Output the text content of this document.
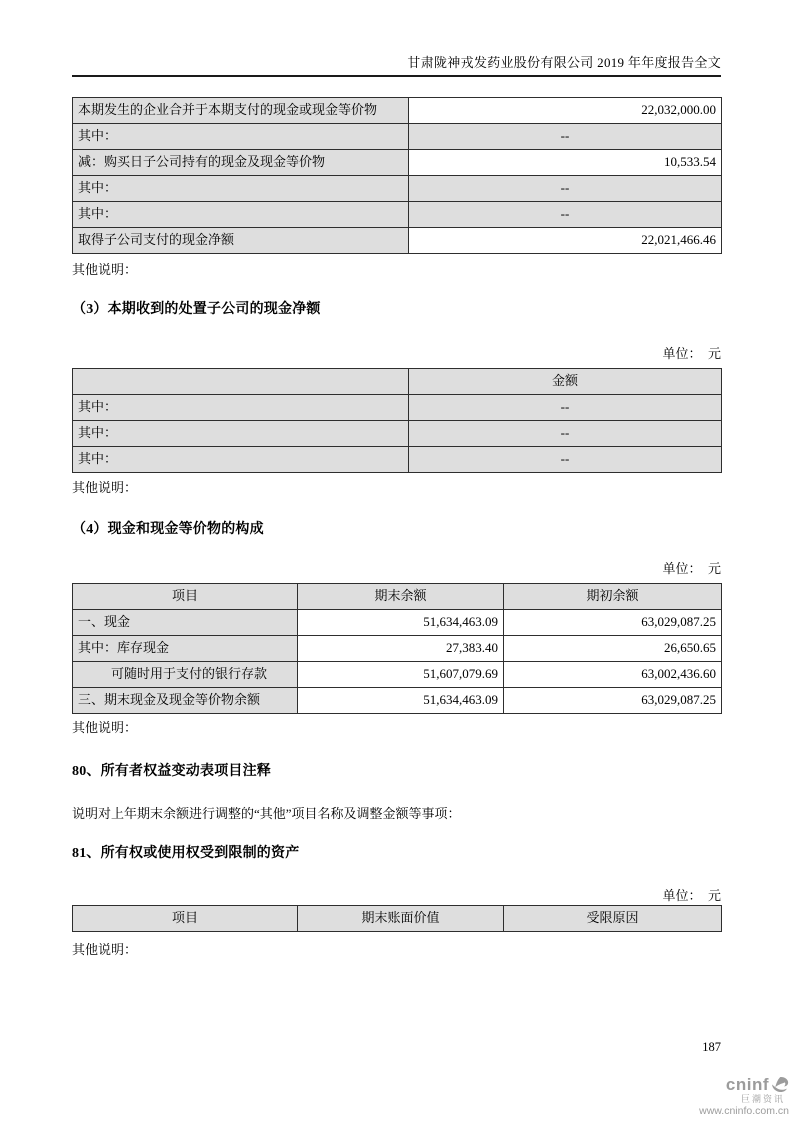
甘肃陇神戎发药业股份有限公司 2019 年年度报告全文
本期发生的企业合并于本期支付的现金或现金等价物	22,032,000.00
其中：	--
减：购买日子公司持有的现金及现金等价物	10,533.54
其中：	--
其中：	--
取得子公司支付的现金净额	22,021,466.46
其他说明：
（3）本期收到的处置子公司的现金净额
单位：  元
	金额
其中：	--
其中：	--
其中：	--
其他说明：
（4）现金和现金等价物的构成
单位：  元
项目	期末余额	期初余额
一、现金	51,634,463.09	63,029,087.25
其中：库存现金	27,383.40	26,650.65
可随时用于支付的银行存款	51,607,079.69	63,002,436.60
三、期末现金及现金等价物余额	51,634,463.09	63,029,087.25
其他说明：
80、所有者权益变动表项目注释
说明对上年期末余额进行调整的“其他”项目名称及调整金额等事项：
81、所有权或使用权受到限制的资产
单位：  元
项目	期末账面价值	受限原因
其他说明：
187
cninf
巨潮资讯
www.cninfo.com.cn
